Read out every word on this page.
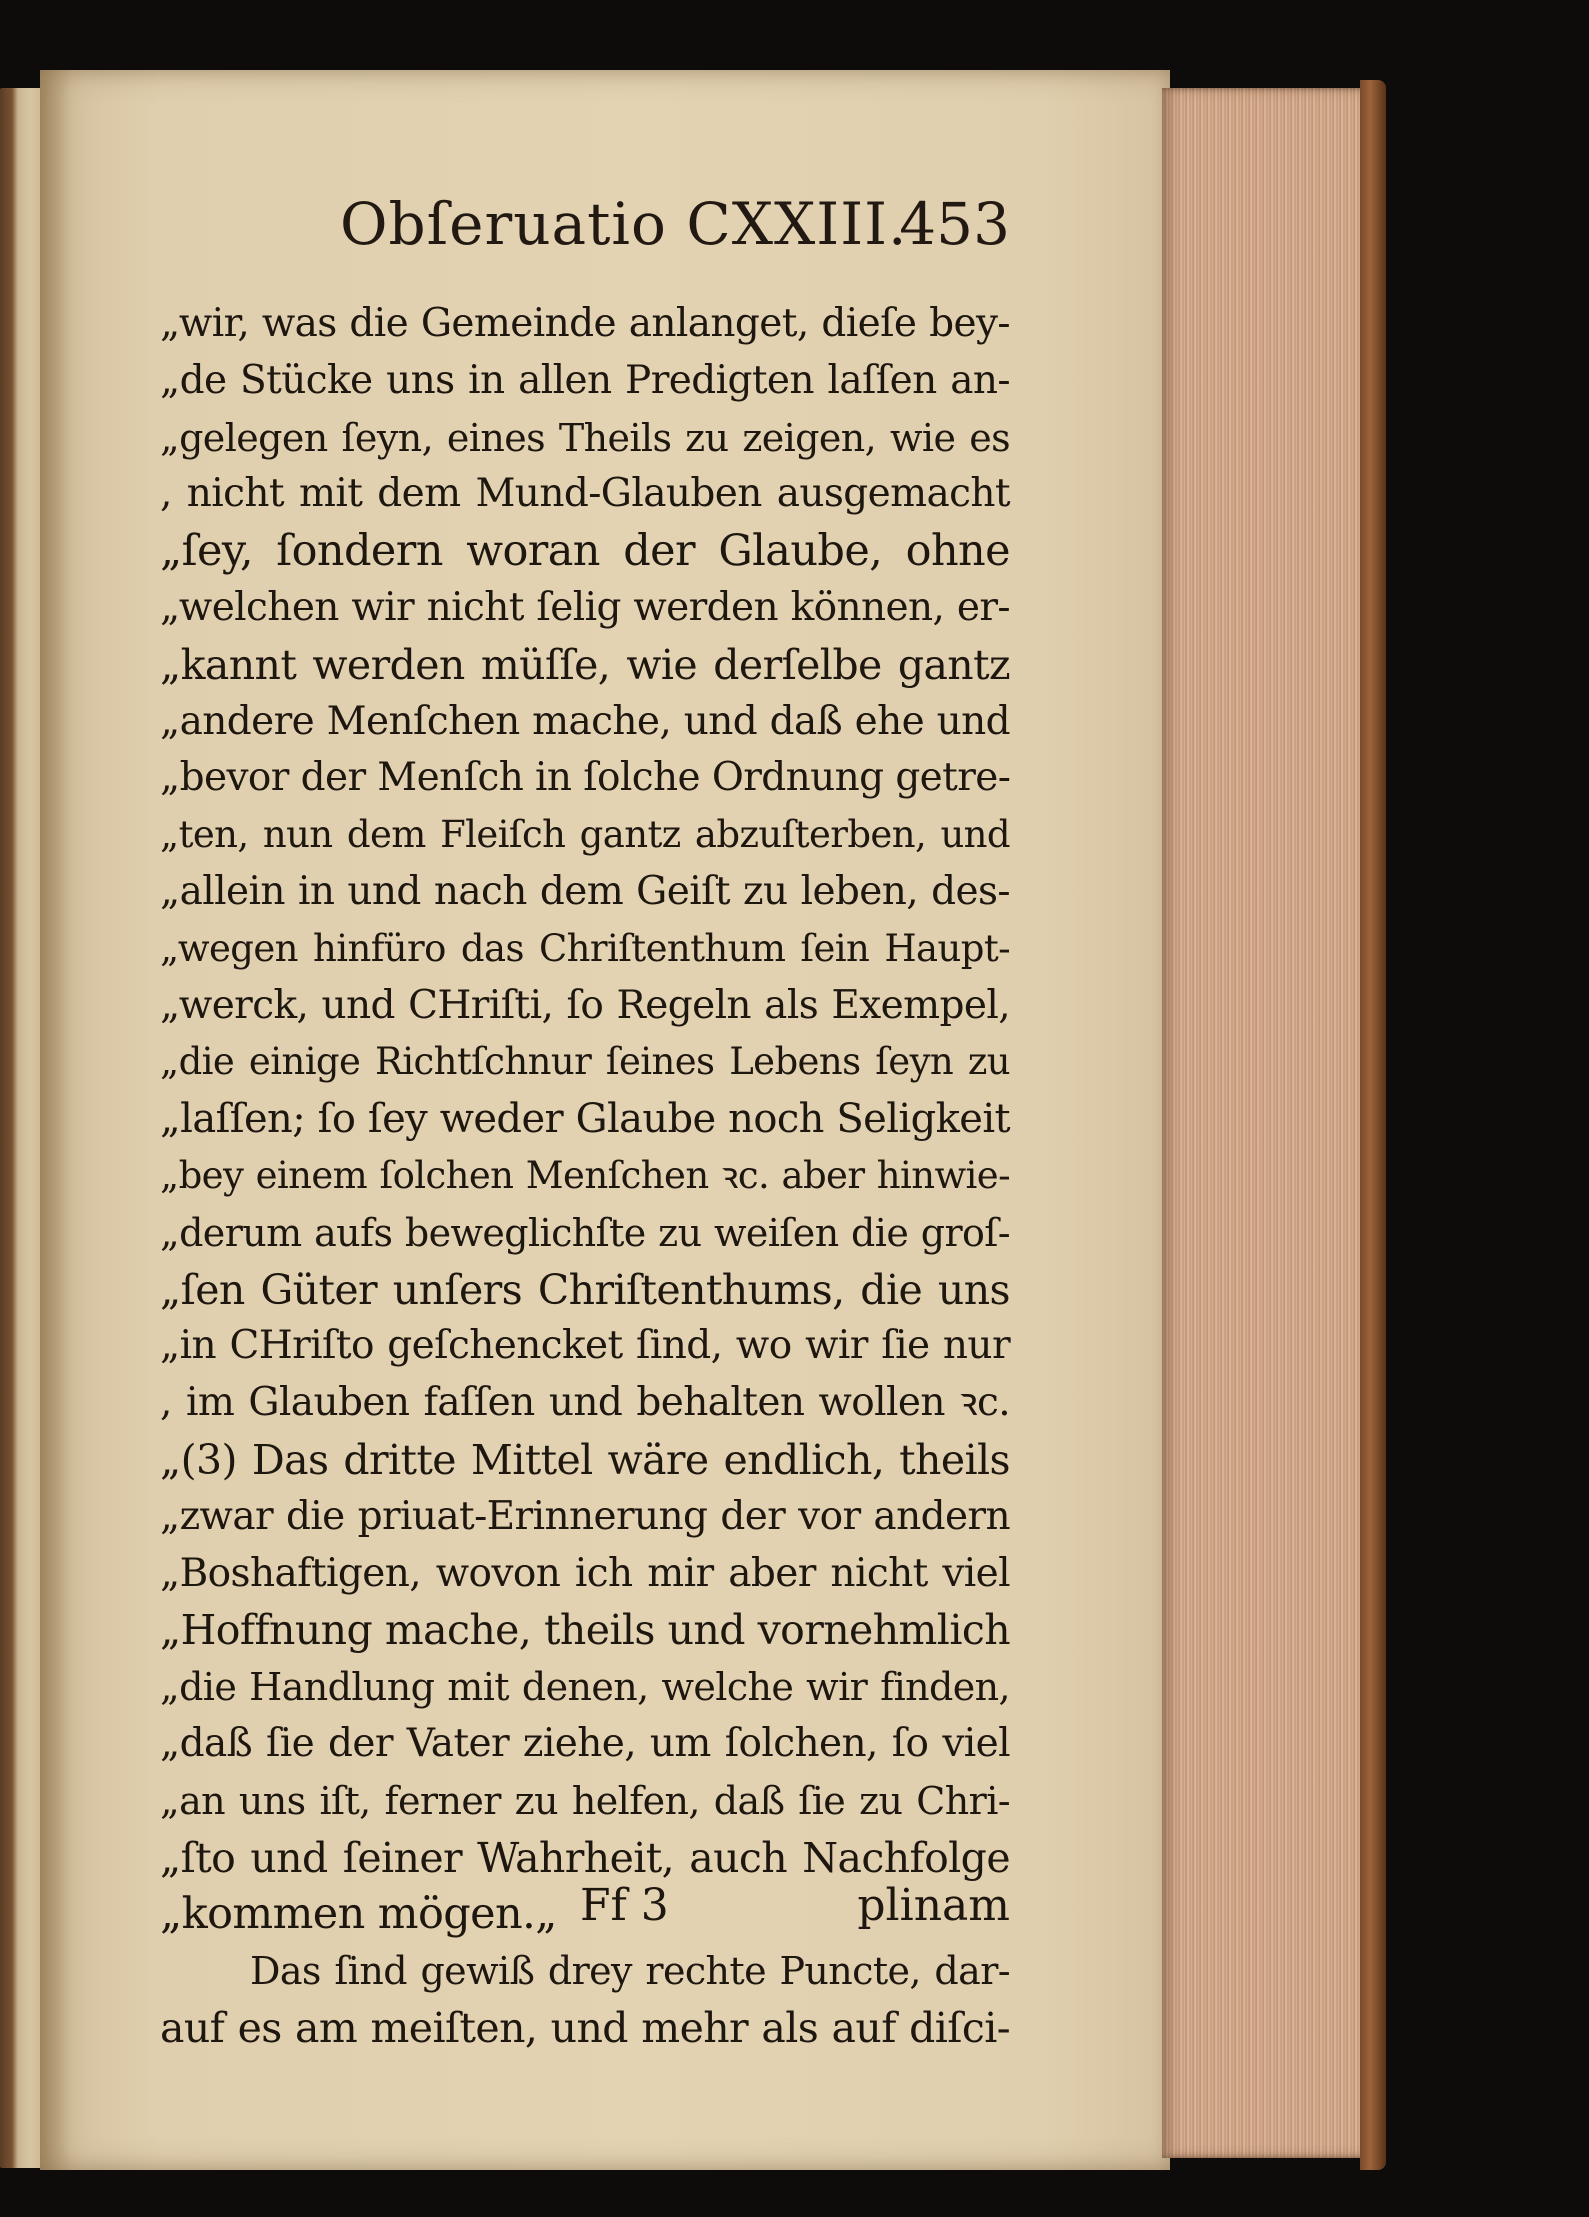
Obſeruatio CXXIII.
453
„wir, was die Gemeinde anlanget, dieſe bey-
„de Stücke uns in allen Predigten laſſen an-
„gelegen ſeyn, eines Theils zu zeigen, wie es
, nicht mit dem Mund-Glauben ausgemacht
„ſey, ſondern woran der Glaube, ohne
„welchen wir nicht ſelig werden können, er-
„kannt werden müſſe, wie derſelbe gantz
„andere Menſchen mache, und daß ehe und
„bevor der Menſch in ſolche Ordnung getre-
„ten, nun dem Fleiſch gantz abzuſterben, und
„allein in und nach dem Geiſt zu leben, des-
„wegen hinfüro das Chriſtenthum ſein Haupt-
„werck, und CHriſti, ſo Regeln als Exempel,
„die einige Richtſchnur ſeines Lebens ſeyn zu
„laſſen; ſo ſey weder Glaube noch Seligkeit
„bey einem ſolchen Menſchen ꝛc. aber hinwie-
„derum aufs beweglichſte zu weiſen die groſ-
„ſen Güter unſers Chriſtenthums, die uns
„in CHriſto geſchencket ſind, wo wir ſie nur
, im Glauben faſſen und behalten wollen ꝛc.
„(3) Das dritte Mittel wäre endlich, theils
„zwar die priuat-Erinnerung der vor andern
„Boshaftigen, wovon ich mir aber nicht viel
„Hoffnung mache, theils und vornehmlich
„die Handlung mit denen, welche wir finden,
„daß ſie der Vater ziehe, um ſolchen, ſo viel
„an uns iſt, ferner zu helfen, daß ſie zu Chri-
„ſto und ſeiner Wahrheit, auch Nachfolge
„kommen mögen.„
Das ſind gewiß drey rechte Puncte, dar-
auf es am meiſten, und mehr als auf diſci-
Ff 3	plinam
